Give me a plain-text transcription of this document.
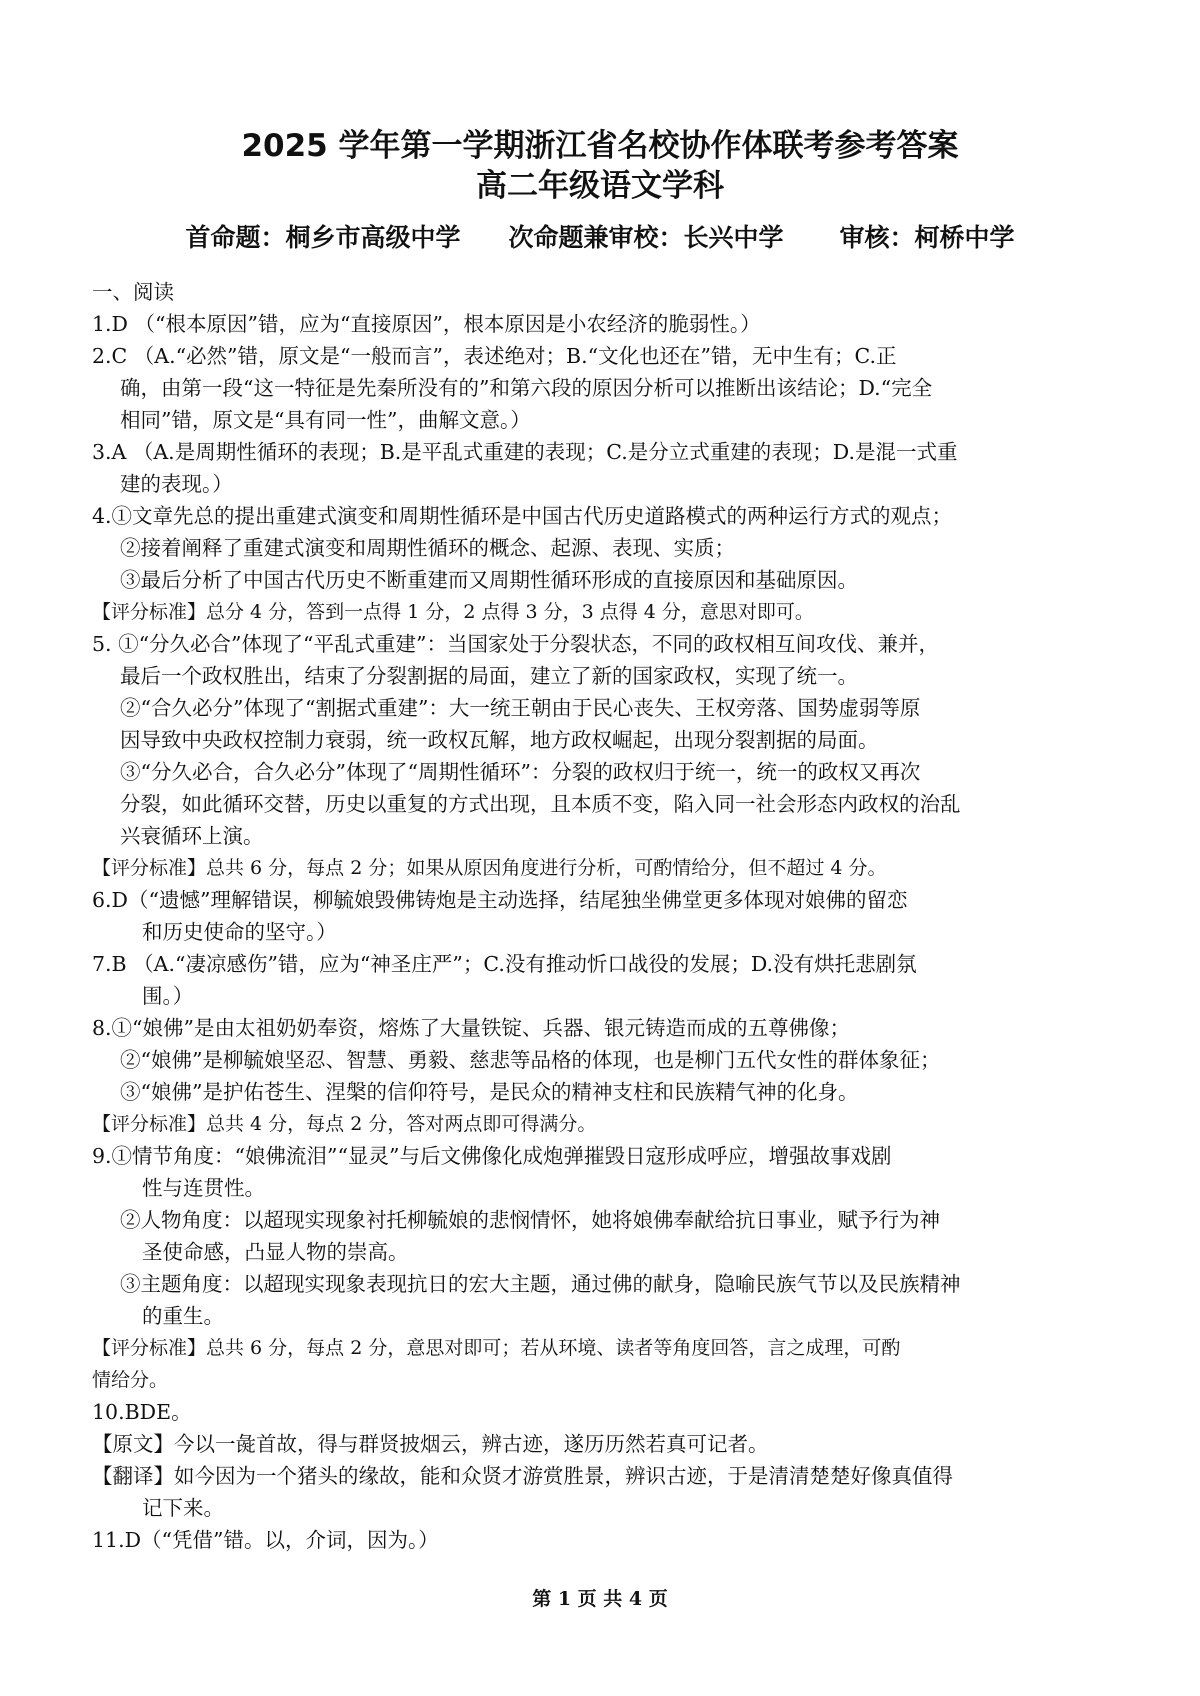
2025 学年第一学期浙江省名校协作体联考参考答案
高二年级语文学科
首命题：桐乡市高级中学 次命题兼审校：长兴中学 审核：柯桥中学
一、阅读
1.D （“根本原因”错，应为“直接原因”，根本原因是小农经济的脆弱性。）
2.C （A.“必然”错，原文是“一般而言”，表述绝对；B.“文化也还在”错，无中生有；C.正
确，由第一段“这一特征是先秦所没有的”和第六段的原因分析可以推断出该结论；D.“完全
相同”错，原文是“具有同一性”，曲解文意。）
3.A （A.是周期性循环的表现；B.是平乱式重建的表现；C.是分立式重建的表现；D.是混一式重
建的表现。）
4.①文章先总的提出重建式演变和周期性循环是中国古代历史道路模式的两种运行方式的观点；
②接着阐释了重建式演变和周期性循环的概念、起源、表现、实质；
③最后分析了中国古代历史不断重建而又周期性循环形成的直接原因和基础原因。
【评分标准】总分 4 分，答到一点得 1 分，2 点得 3 分，3 点得 4 分，意思对即可。
5. ①“分久必合”体现了“平乱式重建”：当国家处于分裂状态，不同的政权相互间攻伐、兼并，
最后一个政权胜出，结束了分裂割据的局面，建立了新的国家政权，实现了统一。
②“合久必分”体现了“割据式重建”：大一统王朝由于民心丧失、王权旁落、国势虚弱等原
因导致中央政权控制力衰弱，统一政权瓦解，地方政权崛起，出现分裂割据的局面。
③“分久必合，合久必分”体现了“周期性循环”：分裂的政权归于统一，统一的政权又再次
分裂，如此循环交替，历史以重复的方式出现，且本质不变，陷入同一社会形态内政权的治乱
兴衰循环上演。
【评分标准】总共 6 分，每点 2 分；如果从原因角度进行分析，可酌情给分，但不超过 4 分。
6.D（“遗憾”理解错误，柳毓娘毁佛铸炮是主动选择，结尾独坐佛堂更多体现对娘佛的留恋
和历史使命的坚守。）
7.B （A.“凄凉感伤”错，应为“神圣庄严”；C.没有推动忻口战役的发展；D.没有烘托悲剧氛
围。）
8.①“娘佛”是由太祖奶奶奉资，熔炼了大量铁锭、兵器、银元铸造而成的五尊佛像；
②“娘佛”是柳毓娘坚忍、智慧、勇毅、慈悲等品格的体现，也是柳门五代女性的群体象征；
③“娘佛”是护佑苍生、涅槃的信仰符号，是民众的精神支柱和民族精气神的化身。
【评分标准】总共 4 分，每点 2 分，答对两点即可得满分。
9.①情节角度：“娘佛流泪”“显灵”与后文佛像化成炮弹摧毁日寇形成呼应，增强故事戏剧
性与连贯性。
②人物角度：以超现实现象衬托柳毓娘的悲悯情怀，她将娘佛奉献给抗日事业，赋予行为神
圣使命感，凸显人物的崇高。
③主题角度：以超现实现象表现抗日的宏大主题，通过佛的献身，隐喻民族气节以及民族精神
的重生。
【评分标准】总共 6 分，每点 2 分，意思对即可；若从环境、读者等角度回答，言之成理，可酌
情给分。
10.BDE。
【原文】今以一彘首故，得与群贤披烟云，辨古迹，遂历历然若真可记者。
【翻译】如今因为一个猪头的缘故，能和众贤才游赏胜景，辨识古迹，于是清清楚楚好像真值得
记下来。
11.D（“凭借”错。以，介词，因为。）
第 1 页 共 4 页
